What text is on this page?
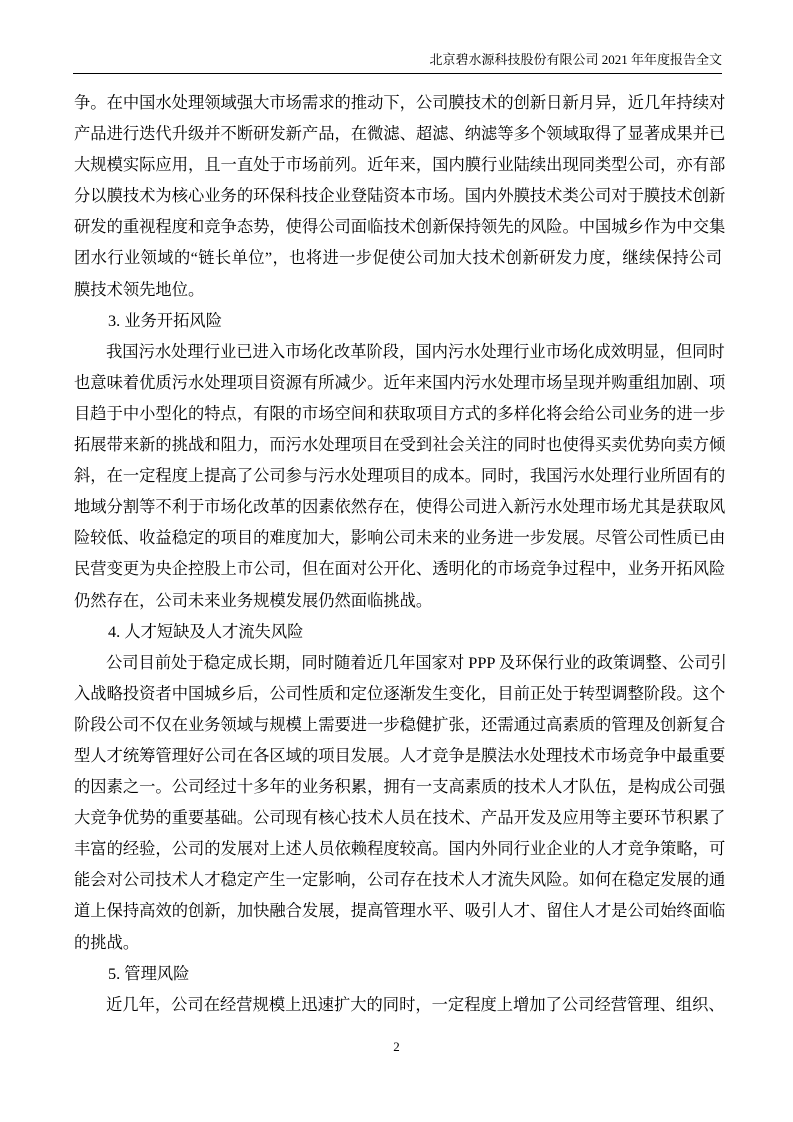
北京碧水源科技股份有限公司 2021 年年度报告全文
争。在中国水处理领域强大市场需求的推动下，公司膜技术的创新日新月异，近几年持续对
产品进行迭代升级并不断研发新产品，在微滤、超滤、纳滤等多个领域取得了显著成果并已
大规模实际应用，且一直处于市场前列。近年来，国内膜行业陆续出现同类型公司，亦有部
分以膜技术为核心业务的环保科技企业登陆资本市场。国内外膜技术类公司对于膜技术创新
研发的重视程度和竞争态势，使得公司面临技术创新保持领先的风险。中国城乡作为中交集
团水行业领域的“链长单位”，也将进一步促使公司加大技术创新研发力度，继续保持公司
膜技术领先地位。
3. 业务开拓风险
我国污水处理行业已进入市场化改革阶段，国内污水处理行业市场化成效明显，但同时
也意味着优质污水处理项目资源有所减少。近年来国内污水处理市场呈现并购重组加剧、项
目趋于中小型化的特点，有限的市场空间和获取项目方式的多样化将会给公司业务的进一步
拓展带来新的挑战和阻力，而污水处理项目在受到社会关注的同时也使得买卖优势向卖方倾
斜，在一定程度上提高了公司参与污水处理项目的成本。同时，我国污水处理行业所固有的
地域分割等不利于市场化改革的因素依然存在，使得公司进入新污水处理市场尤其是获取风
险较低、收益稳定的项目的难度加大，影响公司未来的业务进一步发展。尽管公司性质已由
民营变更为央企控股上市公司，但在面对公开化、透明化的市场竞争过程中，业务开拓风险
仍然存在，公司未来业务规模发展仍然面临挑战。
4. 人才短缺及人才流失风险
公司目前处于稳定成长期，同时随着近几年国家对 PPP 及环保行业的政策调整、公司引
入战略投资者中国城乡后，公司性质和定位逐渐发生变化，目前正处于转型调整阶段。这个
阶段公司不仅在业务领域与规模上需要进一步稳健扩张，还需通过高素质的管理及创新复合
型人才统筹管理好公司在各区域的项目发展。人才竞争是膜法水处理技术市场竞争中最重要
的因素之一。公司经过十多年的业务积累，拥有一支高素质的技术人才队伍，是构成公司强
大竞争优势的重要基础。公司现有核心技术人员在技术、产品开发及应用等主要环节积累了
丰富的经验，公司的发展对上述人员依赖程度较高。国内外同行业企业的人才竞争策略，可
能会对公司技术人才稳定产生一定影响，公司存在技术人才流失风险。如何在稳定发展的通
道上保持高效的创新，加快融合发展，提高管理水平、吸引人才、留住人才是公司始终面临
的挑战。
5. 管理风险
近几年，公司在经营规模上迅速扩大的同时，一定程度上增加了公司经营管理、组织、
2
